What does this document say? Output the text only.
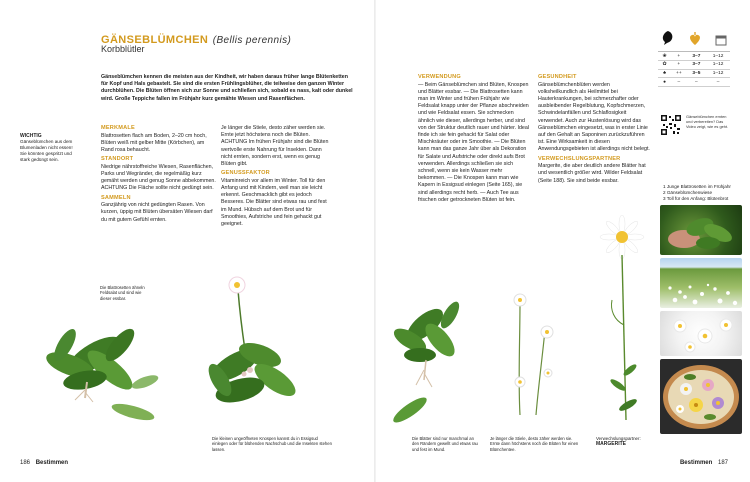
GÄNSEBLÜMCHEN (Bellis perennis)
Korbblütler
Gänseblümchen kennen die meisten aus der Kindheit, wir haben daraus früher lange Blütenketten für Kopf und Hals gebastelt. Sie sind die ersten Frühlingsblüher, die teilweise den ganzen Winter durchblühen. Die Blüten öffnen sich zur Sonne und schließen sich, sobald es nass, kalt oder dunkel wird. Große Teppiche fallen im Frühjahr kurz gemähte Wiesen und Rasenflächen.
WICHTIG
Gänseblümchen aus dem Blumenladen nicht essen! Sie könnten gespritzt und stark gedüngt sein.
MERKMALE
Blattrosetten flach am Boden, 2–20 cm hoch, Blüten weiß mit gelber Mitte (Körbchen), am Rand rosa behaucht.
STANDORT
Niedrige nährstoffreiche Wiesen, Rasenflächen, Parks und Wegränder, die regelmäßig kurz gemäht werden und genug Sonne abbekommen. ACHTUNG Die Fläche sollte nicht gedüngt sein.
SAMMELN
Ganzjährig von nicht gedüngten Rasen. Von kurzen, üppig mit Blüten übersäten Wiesen darf du mit gutem Gefühl ernten.
Je länger die Stiele, desto zäher werden sie. Ernte jetzt höchstens noch die Blüten. ACHTUNG Im frühen Frühjahr sind die Blüten wertvolle erste Nahrung für Insekten. Dann nicht ernten, sondern erst, wenn es genug Blüten gibt.
GENUSSFAKTOR
Vitaminreich vor allem im Winter. Toll für den Anfang und mit Kindern, weil man sie leicht erkennt. Geschmacklich gibt es jedoch Besseres. Die Blätter sind etwas rau und fest im Mund. Hübsch auf dem Brot und für Smoothies, Aufstriche und fein gehackt gut geeignet.
VERWENDUNG
— Beim Gänseblümchen sind Blüten, Knospen und Blätter essbar. — Die Blattrosetten kann man im Winter und frühen Frühjahr wie Feldsalat knapp unter der Pflanze abschneiden und wie Feldsalat essen. Sie schmecken ähnlich wie dieser, allerdings herber, und sind von der Struktur deutlich rauer und härter. Ideal finde ich sie fein gehackt für Salat oder Mischkräuter oder im Smoothie. — Die Blüten kann man das ganze Jahr über als Dekoration für Salate und Aufstriche oder direkt aufs Brot verwenden. Allerdings schließen sie sich schnell, wenn sie kein Wasser mehr bekommen. — Die Knospen kann man wie Kapern in Essigsud einlegen (Seite 165), sie sind allerdings recht herb. — Auch Tee aus frischen oder getrockneten Blüten ist fein.
GESUNDHEIT
Gänseblümchenblüten werden volksheilkundlich als Heilmittel bei Hauterkrankungen, bei schmerzhafter oder ausbleibender Regelblutung, Kopfschmerzen, Schwindelanfällen und Schlaflosigkeit verwendet. Auch zur Hustenlösung wird das Gänseblümchen eingesetzt, was in erster Linie auf den Gehalt an Saponinen zurückzuführen ist. Eine Wirksamkeit in diesen Anwendungsgebieten ist allerdings nicht belegt.
VERWECHSLUNGSPARTNER
Margerite, die aber deutlich andere Blätter hat und wesentlich größer wird. Wilder Feldsalat (Seite 188). Sie sind beide essbar.
❀	+	3–7	1–12
✿	+	3–7	1–12
♣	++	3–5	1–12
●	–	–	–
Gänseblümchen ernten und verbereiten? Das Video zeigt, wie es geht.
1 Junge Blattrosetten im Frühjahr
2 Gänseblümchenwiese
3 Toll für den Anfang: Blütenbrot
Die Blattrosetten ähneln Feldsalat und sind wie dieser essbar.
Die kleinen ungeöffneten Knospen kannst du in Essigsud einlegen oder für blühenden Nachschub und die Insekten stehen lassen.
Die Blätter sind nur manchmal an den Rändern gewellt und etwas rau und fest im Mund.
Je länger die Stiele, desto zäher werden sie. Ernte dann höchstens noch die Blüten für einen Blümchentee.
Verwechslungspartner:
MARGERITE
186 Bestimmen	Bestimmen 187
